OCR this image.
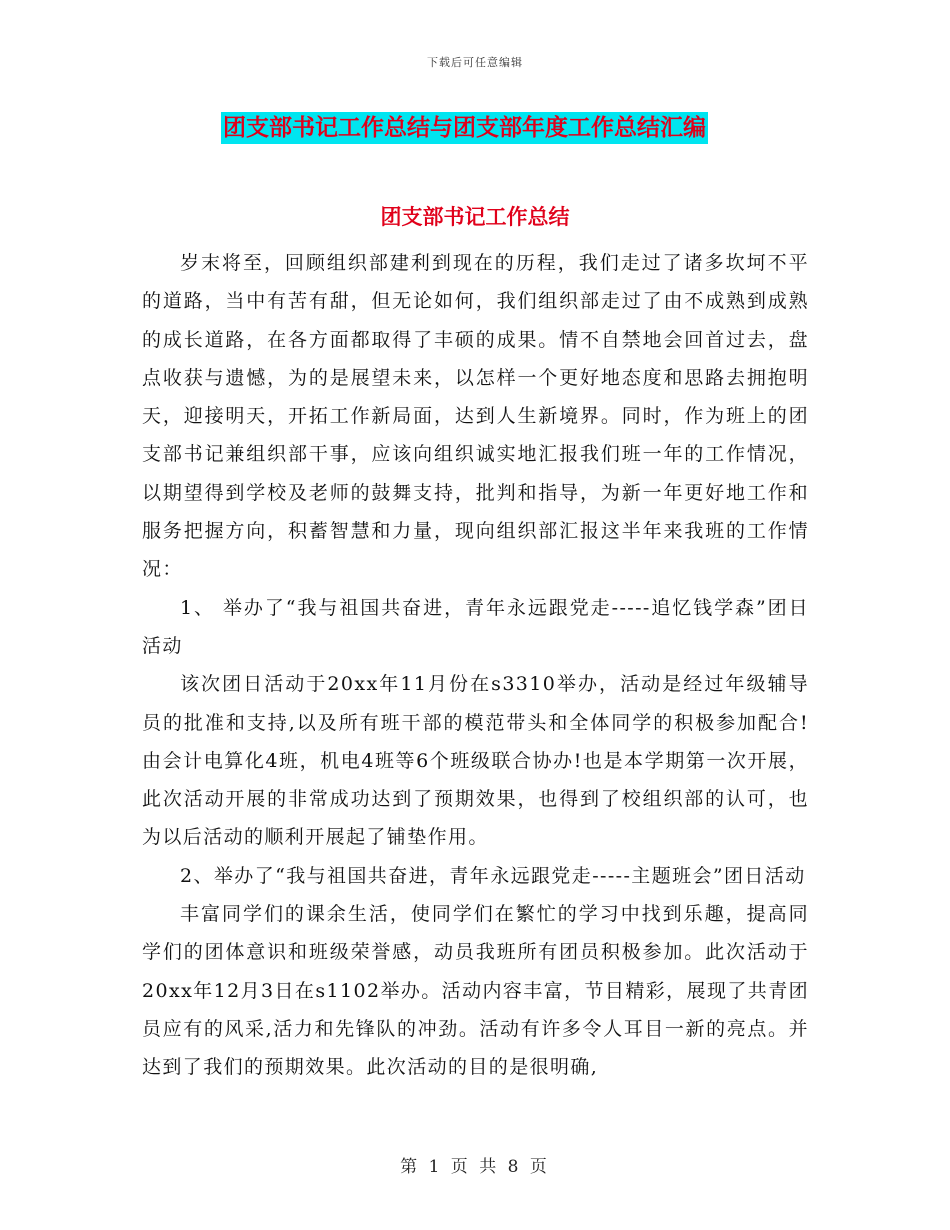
下载后可任意编辑
团支部书记工作总结与团支部年度工作总结汇编
团支部书记工作总结

岁末将至，回顾组织部建利到现在的历程，我们走过了诸多坎坷不平的道路，当中有苦有甜，但无论如何，我们组织部走过了由不成熟到成熟的成长道路，在各方面都取得了丰硕的成果。情不自禁地会回首过去，盘点收获与遗憾，为的是展望未来，以怎样一个更好地态度和思路去拥抱明天，迎接明天，开拓工作新局面，达到人生新境界。同时，作为班上的团支部书记兼组织部干事，应该向组织诚实地汇报我们班一年的工作情况，以期望得到学校及老师的鼓舞支持，批判和指导，为新一年更好地工作和服务把握方向，积蓄智慧和力量，现向组织部汇报这半年来我班的工作情况：

1、 举办了“我与祖国共奋进，青年永远跟党走-----追忆钱学森”团日活动

该次团日活动于20xx年11月份在s3310举办，活动是经过年级辅导员的批准和支持,以及所有班干部的模范带头和全体同学的积极参加配合!由会计电算化4班，机电4班等6个班级联合协办!也是本学期第一次开展，此次活动开展的非常成功达到了预期效果，也得到了校组织部的认可，也为以后活动的顺利开展起了铺垫作用。

2、举办了“我与祖国共奋进，青年永远跟党走-----主题班会”团日活动

丰富同学们的课余生活，使同学们在繁忙的学习中找到乐趣，提高同学们的团体意识和班级荣誉感，动员我班所有团员积极参加。此次活动于20xx年12月3日在s1102举办。活动内容丰富，节目精彩，展现了共青团员应有的风采,活力和先锋队的冲劲。活动有许多令人耳目一新的亮点。并达到了我们的预期效果。此次活动的目的是很明确,

第 1 页 共 8 页
